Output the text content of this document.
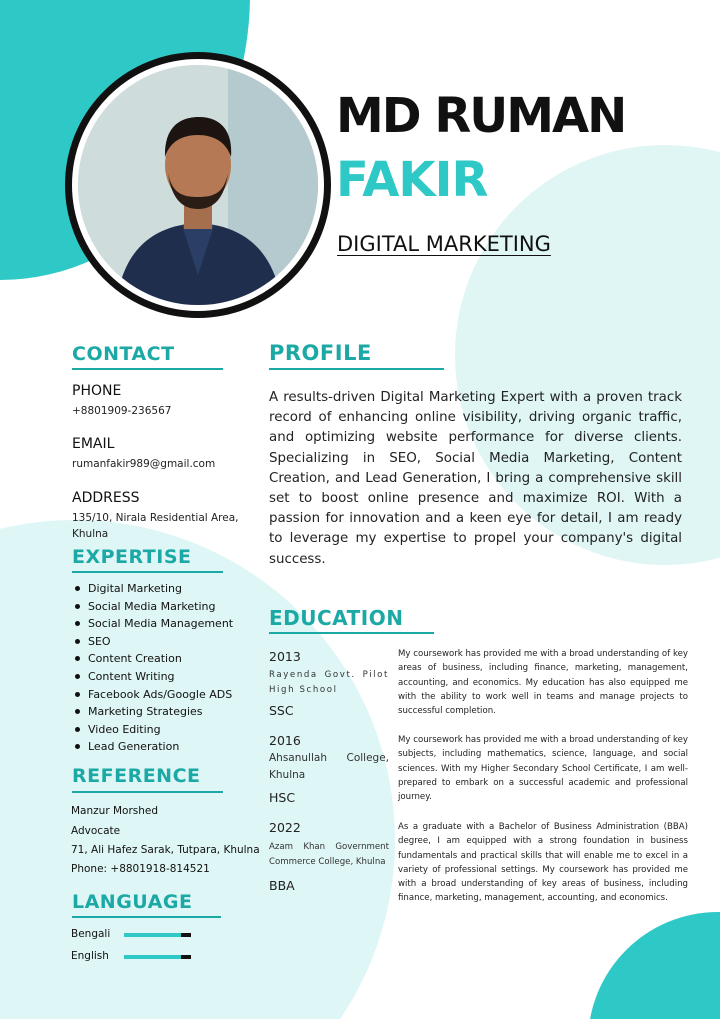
MD RUMAN
FAKIR
DIGITAL MARKETING
CONTACT
PHONE
+8801909-236567
EMAIL
rumanfakir989@gmail.com
ADDRESS
135/10, Nirala Residential Area,
Khulna
EXPERTISE
Digital Marketing
Social Media Marketing
Social Media Management
SEO
Content Creation
Content Writing
Facebook Ads/Google ADS
Marketing Strategies
Video Editing
Lead Generation
REFERENCE
Manzur Morshed
Advocate
71, Ali Hafez Sarak, Tutpara, Khulna
Phone: +8801918-814521
LANGUAGE
Bengali
English
PROFILE
A results-driven Digital Marketing Expert with a proven track record of enhancing online visibility, driving organic traffic, and optimizing website performance for diverse clients. Specializing in SEO, Social Media Marketing, Content Creation, and Lead Generation, I bring a comprehensive skill set to boost online presence and maximize ROI. With a passion for innovation and a keen eye for detail, I am ready to leverage my expertise to propel your company's digital success.
EDUCATION
2013
Rayenda Govt. Pilot High School
SSC
My coursework has provided me with a broad understanding of key areas of business, including finance, marketing, management, accounting, and economics. My education has also equipped me with the ability to work well in teams and manage projects to successful completion.
2016
Ahsanullah College, Khulna
HSC
My coursework has provided me with a broad understanding of key subjects, including mathematics, science, language, and social sciences. With my Higher Secondary School Certificate, I am well-prepared to embark on a successful academic and professional journey.
2022
Azam Khan Government Commerce College, Khulna
BBA
As a graduate with a Bachelor of Business Administration (BBA) degree, I am equipped with a strong foundation in business fundamentals and practical skills that will enable me to excel in a variety of professional settings. My coursework has provided me with a broad understanding of key areas of business, including finance, marketing, management, accounting, and economics.
